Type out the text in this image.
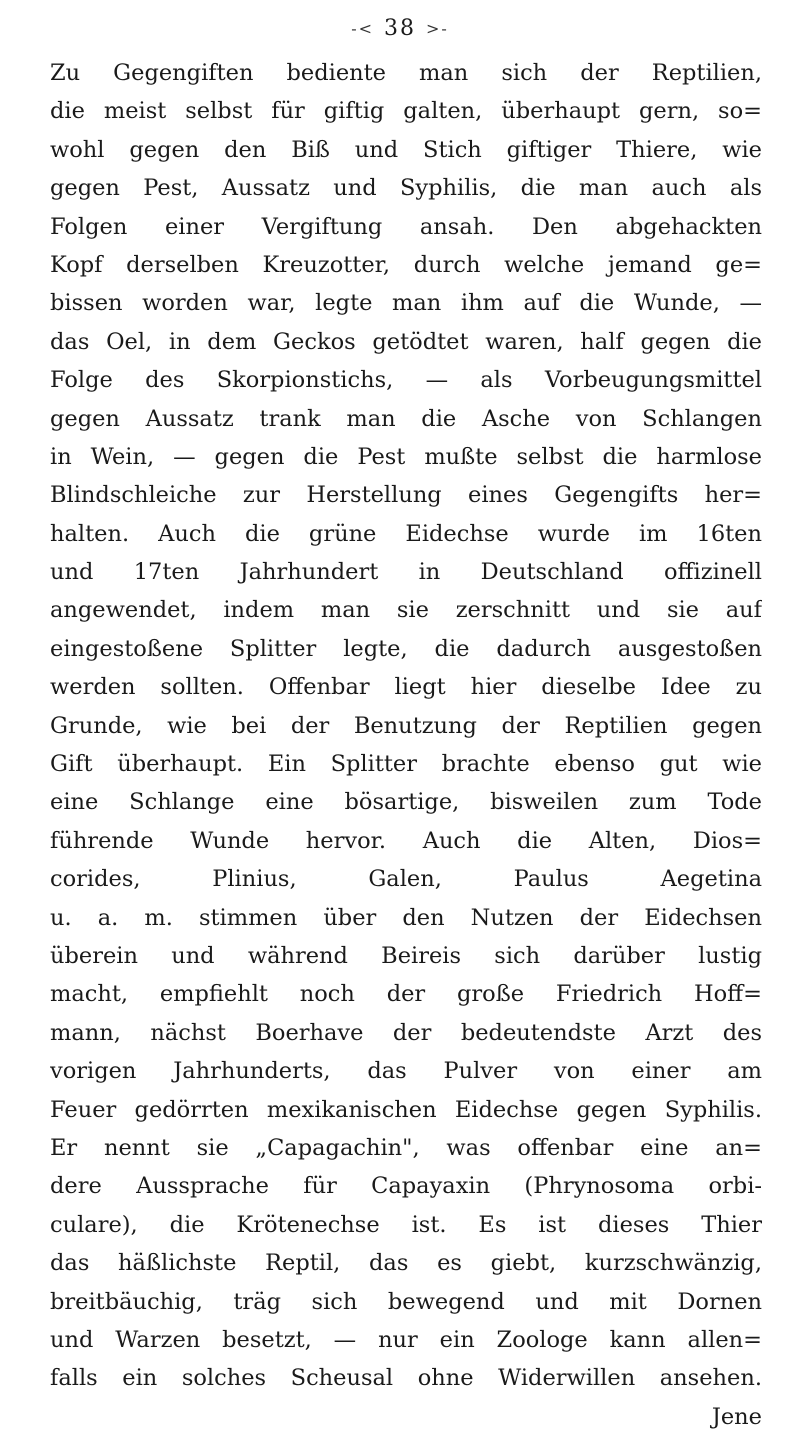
-< 38 >-
Zu Gegengiften bediente man sich der Reptilien,
die meist selbst für giftig galten, überhaupt gern, so=
wohl gegen den Biß und Stich giftiger Thiere, wie
gegen Pest, Aussatz und Syphilis, die man auch als
Folgen einer Vergiftung ansah. Den abgehackten
Kopf derselben Kreuzotter, durch welche jemand ge=
bissen worden war, legte man ihm auf die Wunde, —
das Oel, in dem Geckos getödtet waren, half gegen die
Folge des Skorpionstichs, — als Vorbeugungsmittel
gegen Aussatz trank man die Asche von Schlangen
in Wein, — gegen die Pest mußte selbst die harmlose
Blindschleiche zur Herstellung eines Gegengifts her=
halten. Auch die grüne Eidechse wurde im 16ten
und 17ten Jahrhundert in Deutschland offizinell
angewendet, indem man sie zerschnitt und sie auf
eingestoßene Splitter legte, die dadurch ausgestoßen
werden sollten. Offenbar liegt hier dieselbe Idee zu
Grunde, wie bei der Benutzung der Reptilien gegen
Gift überhaupt. Ein Splitter brachte ebenso gut wie
eine Schlange eine bösartige, bisweilen zum Tode
führende Wunde hervor. Auch die Alten, Dios=
corides, Plinius, Galen, Paulus Aegetina
u. a. m. stimmen über den Nutzen der Eidechsen
überein und während Beireis sich darüber lustig
macht, empfiehlt noch der große Friedrich Hoff=
mann, nächst Boerhave der bedeutendste Arzt des
vorigen Jahrhunderts, das Pulver von einer am
Feuer gedörrten mexikanischen Eidechse gegen Syphilis.
Er nennt sie „Capagachin", was offenbar eine an=
dere Aussprache für Capayaxin (Phrynosoma orbi-
culare), die Krötenechse ist. Es ist dieses Thier
das häßlichste Reptil, das es giebt, kurzschwänzig,
breitbäuchig, träg sich bewegend und mit Dornen
und Warzen besetzt, — nur ein Zoologe kann allen=
falls ein solches Scheusal ohne Widerwillen ansehen.
Jene
